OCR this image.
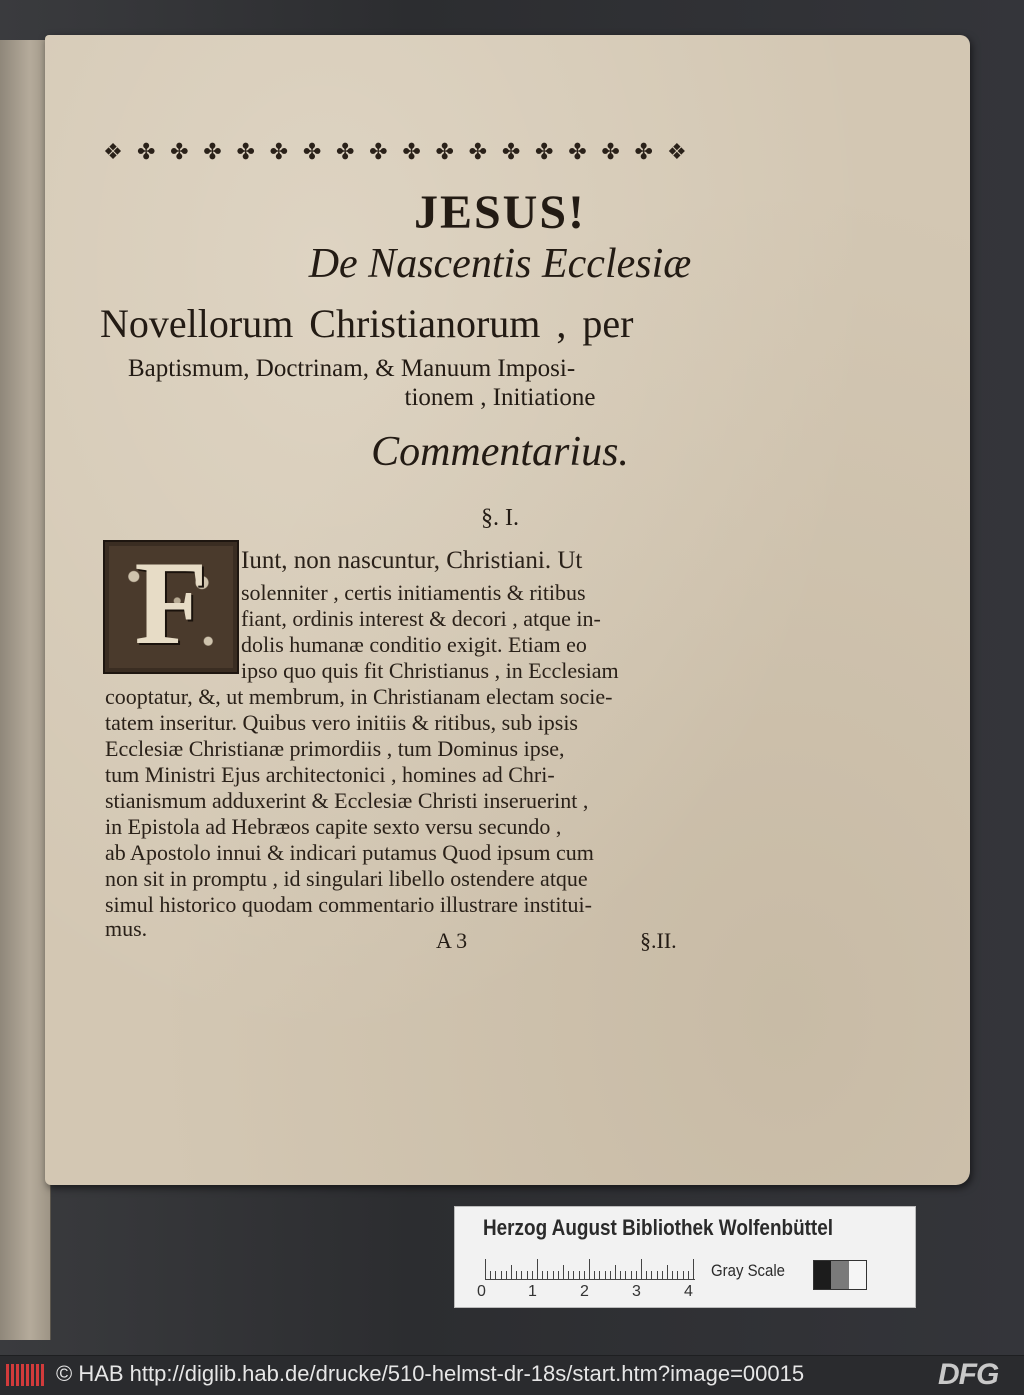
❖ ✤ ✤ ✤ ✤ ✤ ✤ ✤ ✤ ✤ ✤ ✤ ✤ ✤ ✤ ✤ ✤ ❖
JESUS!
De Nascentis Ecclesiæ
Novellorum Christianorum , per
Baptismum, Doctrinam, & Manuum Imposi-
tionem , Initiatione
Commentarius.
§. I.
F	Iunt, non nascuntur, Christiani. Ut
solenniter , certis initiamentis & ritibus
fiant, ordinis interest & decori , atque in-
dolis humanæ conditio exigit. Etiam eo
ipso quo quis fit Christianus , in Ecclesiam
cooptatur, &, ut membrum, in Christianam electam socie-
tatem inseritur. Quibus vero initiis & ritibus, sub ipsis
Ecclesiæ Christianæ primordiis , tum Dominus ipse,
tum Ministri Ejus architectonici , homines ad Chri-
stianismum adduxerint & Ecclesiæ Christi inseruerint ,
in Epistola ad Hebræos capite sexto versu secundo ,
ab Apostolo innui & indicari putamus Quod ipsum cum
non sit in promptu , id singulari libello ostendere atque
simul historico quodam commentario illustrare institui-
mus.	A 3	§.II.
Herzog August Bibliothek Wolfenbüttel
0	1	2	3	4
Gray Scale
© HAB http://diglib.hab.de/drucke/510-helmst-dr-18s/start.htm?image=00015	DFG
